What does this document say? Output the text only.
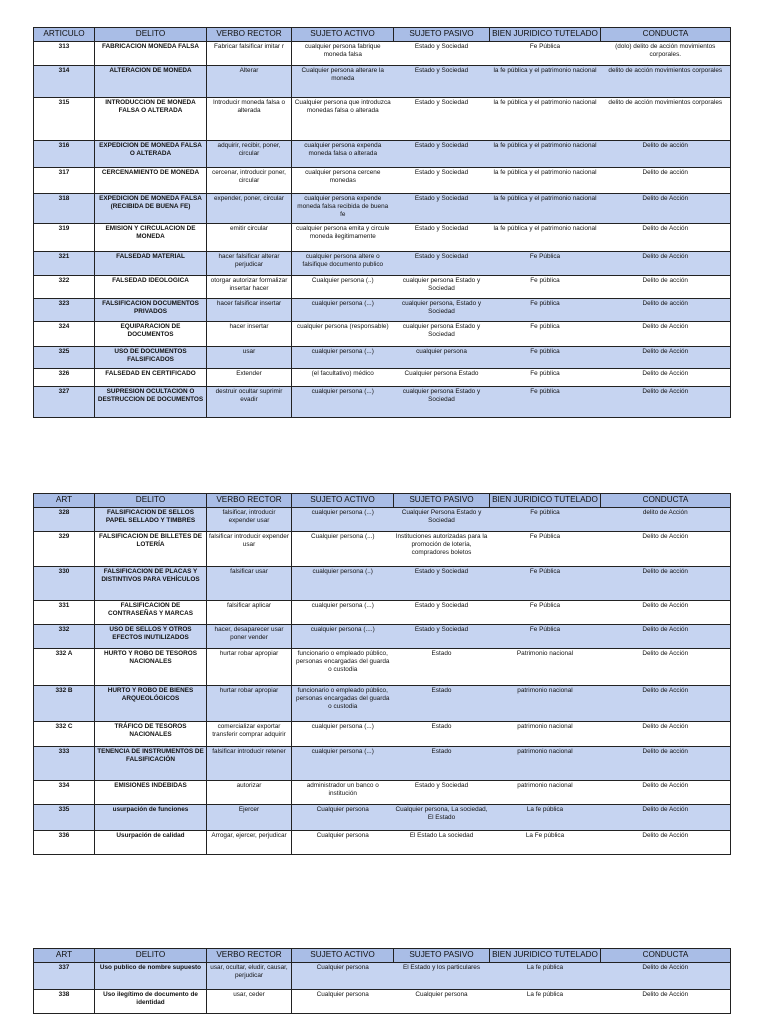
ARTICULO	DELITO	VERBO RECTOR	SUJETO ACTIVO	SUJETO PASIVO	BIEN JURIDICO TUTELADO	CONDUCTA
313	FABRICACION MONEDA FALSA	Fabricar falsificar imitar r	cualquier persona fabrique moneda falsa	Estado y Sociedad	Fe Pública	(dolo) delito de acción movimientos corporales.
314	ALTERACION DE MONEDA	Alterar	Cualquier persona alterare la moneda	Estado y Sociedad	la fe pública y el patrimonio nacional	delito de acción movimientos corporales
315	INTRODUCCION DE MONEDA FALSA O ALTERADA	Introducir moneda falsa o alterada	Cualquier persona que introduzca monedas falsa o alterada	Estado y Sociedad	la fe pública y el patrimonio nacional	delito de acción movimientos corporales
316	EXPEDICION DE MONEDA FALSA O ALTERADA	adquirir, recibir, poner, circular	cualquier persona expenda moneda falsa o alterada	Estado y Sociedad	la fe pública y el patrimonio nacional	Delito de acción
317	CERCENAMIENTO DE MONEDA	cercenar, introducir poner, circular	cualquier persona cercene monedas	Estado y Sociedad	la fe pública y el patrimonio nacional	Delito de acción
318	EXPEDICION DE MONEDA FALSA (RECIBIDA DE BUENA FE)	expender, poner, circular	cualquier persona expende moneda falsa recibida de buena fe	Estado y Sociedad	la fe pública y el patrimonio nacional	Delito de Acción
319	EMISION Y CIRCULACION DE MONEDA	emitir circular	cualquier persona emita y circule moneda ilegitimamente	Estado y Sociedad	la fe pública y el patrimonio nacional	Delito de Acción
321	FALSEDAD MATERIAL	hacer falsificar alterar perjudicar	cualquier persona altere o falsifique documento publico	Estado y Sociedad	Fe Pública	Delito de Acción
322	FALSEDAD IDEOLOGICA	otorgar autorizar formalizar insertar hacer	Cualquier persona (..)	cualquier persona Estado y Sociedad	Fe pública	Delito de acción
323	FALSIFICACION DOCUMENTOS PRIVADOS	hacer falsificar insertar	cualquier persona (...)	cualquier persona, Estado y Sociedad	Fe pública	Delito de acción
324	EQUIPARACION DE DOCUMENTOS	hacer insertar	cualquier persona (responsable)	cualquier persona Estado y Sociedad	Fe pública	Delito de Acción
325	USO DE DOCUMENTOS FALSIFICADOS	usar	cualquier persona (...)	cualquier persona	Fe pública	Delito de Acción
326	FALSEDAD EN CERTIFICADO	Extender	(el facultativo) médico	Cualquier persona Estado	Fe pública	Delito de Acción
327	SUPRESION OCULTACION O DESTRUCCION DE DOCUMENTOS	destruir ocultar suprimir evadir	cualquier persona (...)	cualquier persona Estado y Sociedad	Fe pública	Delito de Acción
ART	DELITO	VERBO RECTOR	SUJETO ACTIVO	SUJETO PASIVO	BIEN JURIDICO TUTELADO	CONDUCTA
328	FALSIFICACION DE SELLOS PAPEL SELLADO Y TIMBRES	falsificar, introducir expender usar	cualquier persona (...)	Cualquier Persona Estado y Sociedad	Fe pública	delito de Acción
329	FALSIFICACION DE BILLETES DE LOTERÍA	falsificar introducir expender usar	Cualquier persona (...)	Instituciones autorizadas para la promoción de lotería, compradores boletos	Fe Pública	Delito de Acción
330	FALSIFICACION DE PLACAS Y DISTINTIVOS PARA VEHÍCULOS	falsificar usar	cualquier persona (..)	Estado y Sociedad	Fe Pública	Delito de acción
331	FALSIFICACION DE CONTRASEÑAS Y MARCAS	falsificar aplicar	cualquier persona (...)	Estado y Sociedad	Fe Pública	Delito de Acción
332	USO DE SELLOS Y OTROS EFECTOS INUTILIZADOS	hacer, desaparecer usar poner vender	cualquier persona (....)	Estado y Sociedad	Fe Pública	Delito de Acción
332 A	HURTO Y ROBO DE TESOROS NACIONALES	hurtar robar apropiar	funcionario o empleado público, personas encargadas del guarda o custodia	Estado	Patrimonio nacional	Delito de Acción
332 B	HURTO Y ROBO DE BIENES ARQUEOLÓGICOS	hurtar robar apropiar	funcionario o empleado público, personas encargadas del guarda o custodia	Estado	patrimonio nacional	Delito de Acción
332 C	TRÁFICO DE TESOROS NACIONALES	comercializar exportar transferir comprar adquirir	cualquier persona (...)	Estado	patrimonio nacional	Delito de Acción
333	TENENCIA DE INSTRUMENTOS DE FALSIFICACIÓN	falsificar introducir retener	cualquier persona (...)	Estado	patrimonio nacional	Delito de acción
334	EMISIONES INDEBIDAS	autorizar	administrador un banco o institución	Estado y Sociedad	patrimonio nacional	Delito de Acción
335	usurpación de funciones	Ejercer	Cualquier persona	Cualquier persona, La sociedad, El Estado	La fe pública	Delito de Acción
336	Usurpación de calidad	Arrogar, ejercer, perjudicar	Cualquier persona	El Estado La sociedad	La Fe pública	Delito de Acción
ART	DELITO	VERBO RECTOR	SUJETO ACTIVO	SUJETO PASIVO	BIEN JURIDICO TUTELADO	CONDUCTA
337	Uso publico de nombre supuesto	usar, ocultar, eludir, causar, perjudicar	Cualquier persona	El Estado y los particulares	La fe pública	Delito de Acción
338	Uso ilegítimo de documento de identidad	usar, ceder	Cualquier persona	Cualquier persona	La fe pública	Delito de Acción
